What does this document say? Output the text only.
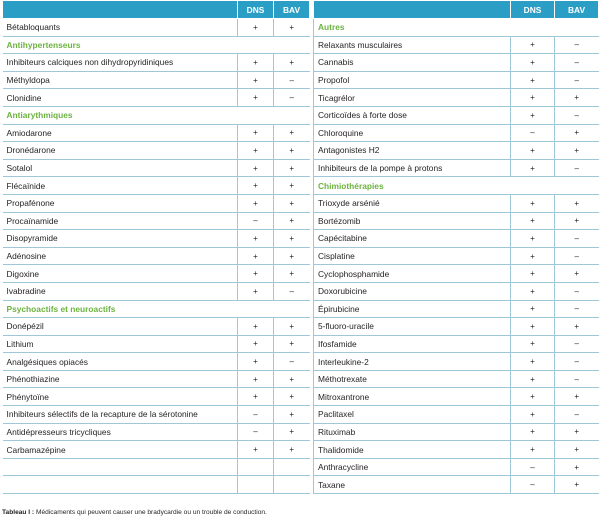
	DNS	BAV			DNS	BAV
Bétabloquants	+	+		Autres		
Antihypertenseurs				Relaxants musculaires	+	–
Inhibiteurs calciques non dihydropyridiniques	+	+		Cannabis	+	–
Méthyldopa	+	–		Propofol	+	–
Clonidine	+	–		Ticagrélor	+	+
Antiarythmiques				Corticoïdes à forte dose	+	–
Amiodarone	+	+		Chloroquine	–	+
Dronédarone	+	+		Antagonistes H2	+	+
Sotalol	+	+		Inhibiteurs de la pompe à protons	+	–
Flécaïnide	+	+		Chimiothérapies		
Propafénone	+	+		Trioxyde arsénié	+	+
Procaïnamide	–	+		Bortézomib	+	+
Disopyramide	+	+		Capécitabine	+	–
Adénosine	+	+		Cisplatine	+	–
Digoxine	+	+		Cyclophosphamide	+	+
Ivabradine	+	–		Doxorubicine	+	–
Psychoactifs et neuroactifs				Épirubicine	+	–
Donépézil	+	+		5-fluoro-uracile	+	+
Lithium	+	+		Ifosfamide	+	–
Analgésiques opiacés	+	–		Interleukine-2	+	–
Phénothiazine	+	+		Méthotrexate	+	–
Phénytoïne	+	+		Mitroxantrone	+	+
Inhibiteurs sélectifs de la recapture de la sérotonine	–	+		Paclitaxel	+	–
Antidépresseurs tricycliques	–	+		Rituximab	+	+
Carbamazépine	+	+		Thalidomide	+	+
				Anthracycline	–	+
				Taxane	–	+
Tableau I : Médicaments qui peuvent causer une bradycardie ou un trouble de conduction.
